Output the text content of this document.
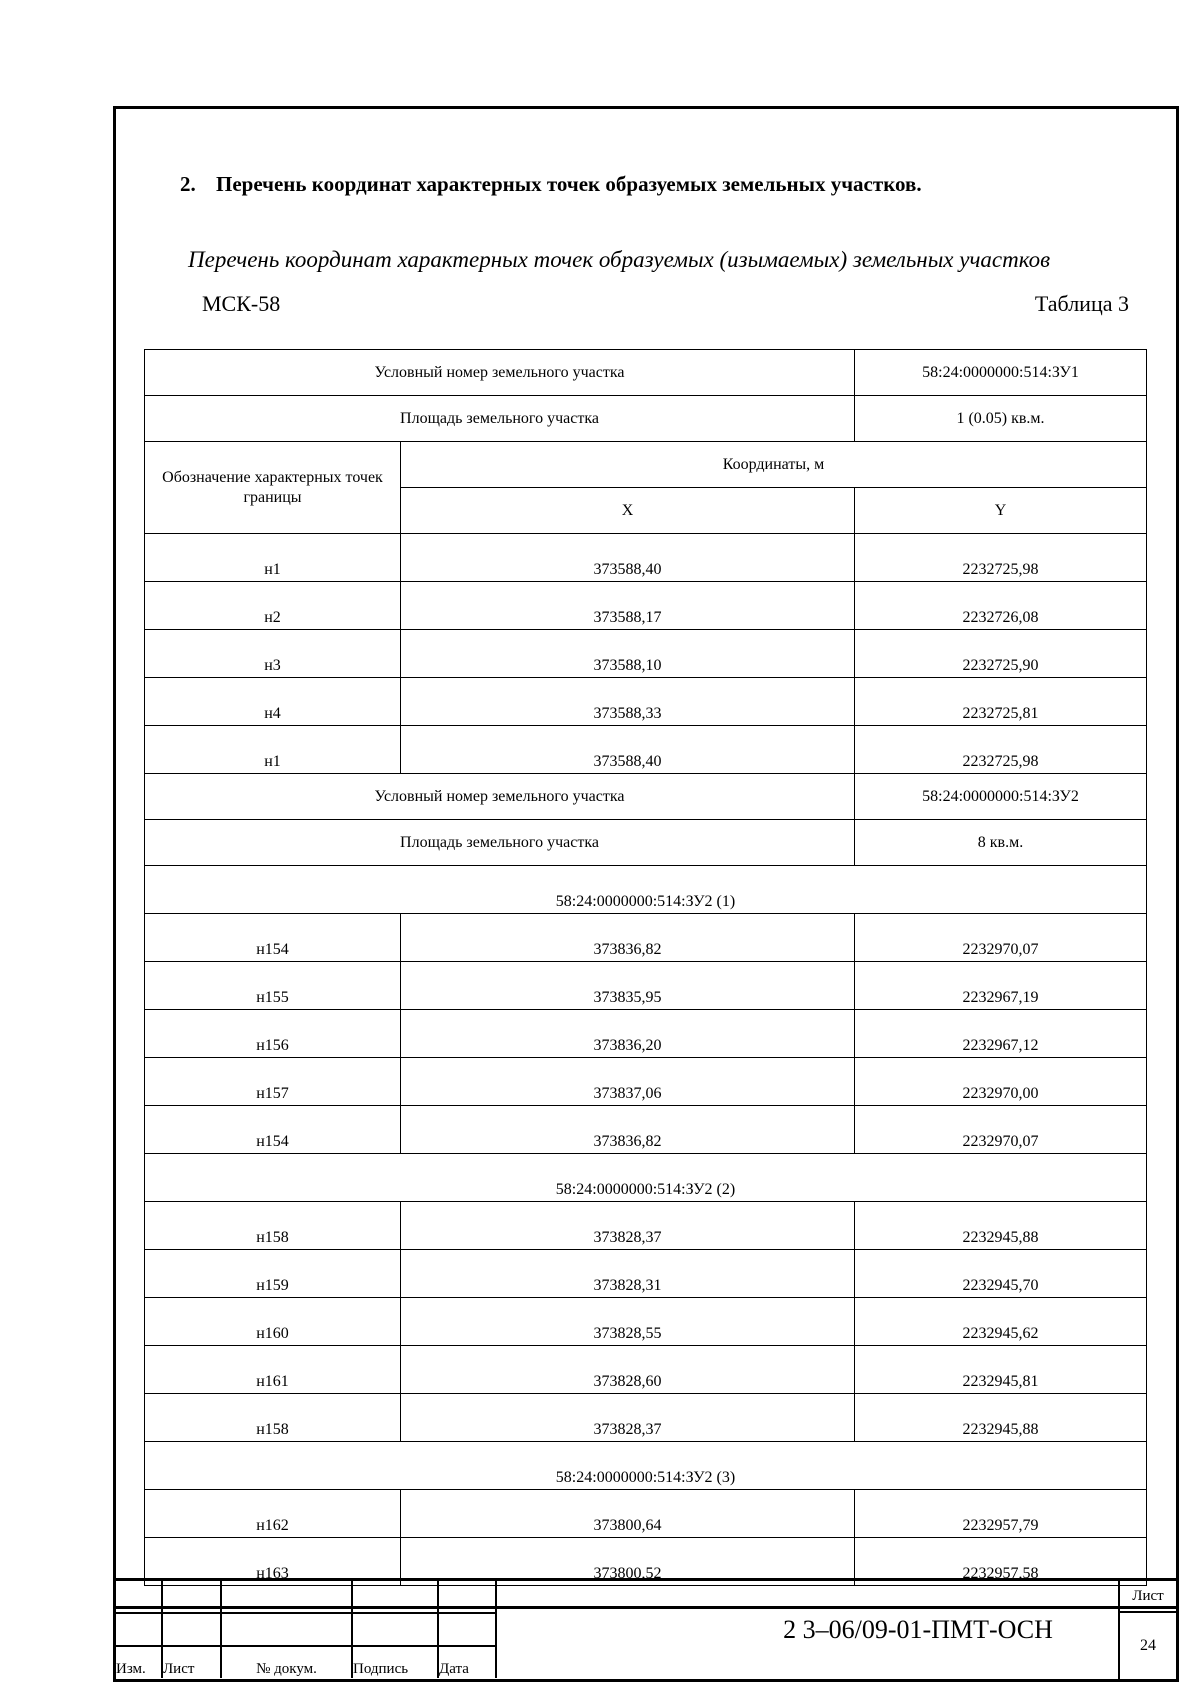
2. Перечень координат характерных точек образуемых земельных участков.
Перечень координат характерных точек образуемых (изымаемых) земельных участков
МСК-58	Таблица 3
Условный номер земельного участка		58:24:0000000:514:ЗУ1
Площадь земельного участка		1 (0.05) кв.м.
Обозначение характерных точек границы	Координаты, м	
	X	Y
н1	373588,40	2232725,98
н2	373588,17	2232726,08
н3	373588,10	2232725,90
н4	373588,33	2232725,81
н1	373588,40	2232725,98
Условный номер земельного участка		58:24:0000000:514:ЗУ2
Площадь земельного участка		8 кв.м.
58:24:0000000:514:ЗУ2 (1)		
н154	373836,82	2232970,07
н155	373835,95	2232967,19
н156	373836,20	2232967,12
н157	373837,06	2232970,00
н154	373836,82	2232970,07
58:24:0000000:514:ЗУ2 (2)		
н158	373828,37	2232945,88
н159	373828,31	2232945,70
н160	373828,55	2232945,62
н161	373828,60	2232945,81
н158	373828,37	2232945,88
58:24:0000000:514:ЗУ2 (3)		
н162	373800,64	2232957,79
н163	373800,52	2232957,58

Изм.	Лист	№ докум.	Подпись	Дата
2 3–06/09-01-ПМТ-ОСН
Лист
24
